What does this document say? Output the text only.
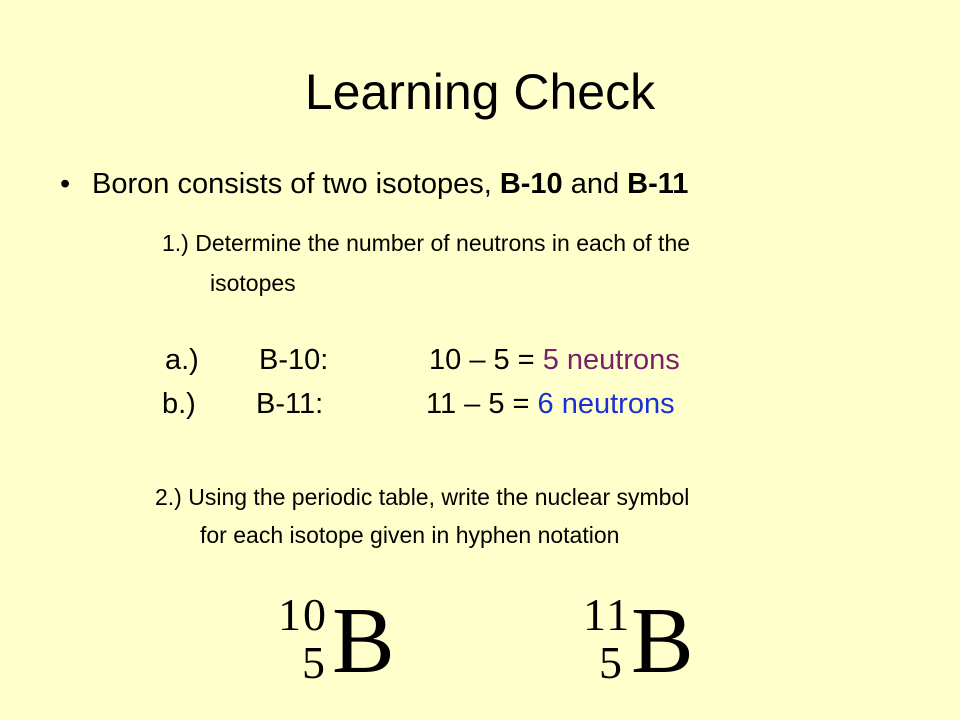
Learning Check
• Boron consists of two isotopes, B-10 and B-11
1.) Determine the number of neutrons in each of the
isotopes
a.) B-10:	10 – 5 = 5 neutrons
b.) B-11:	11 – 5 = 6 neutrons
2.) Using the periodic table, write the nuclear symbol
for each isotope given in hyphen notation
10
5 B	11
5 B
